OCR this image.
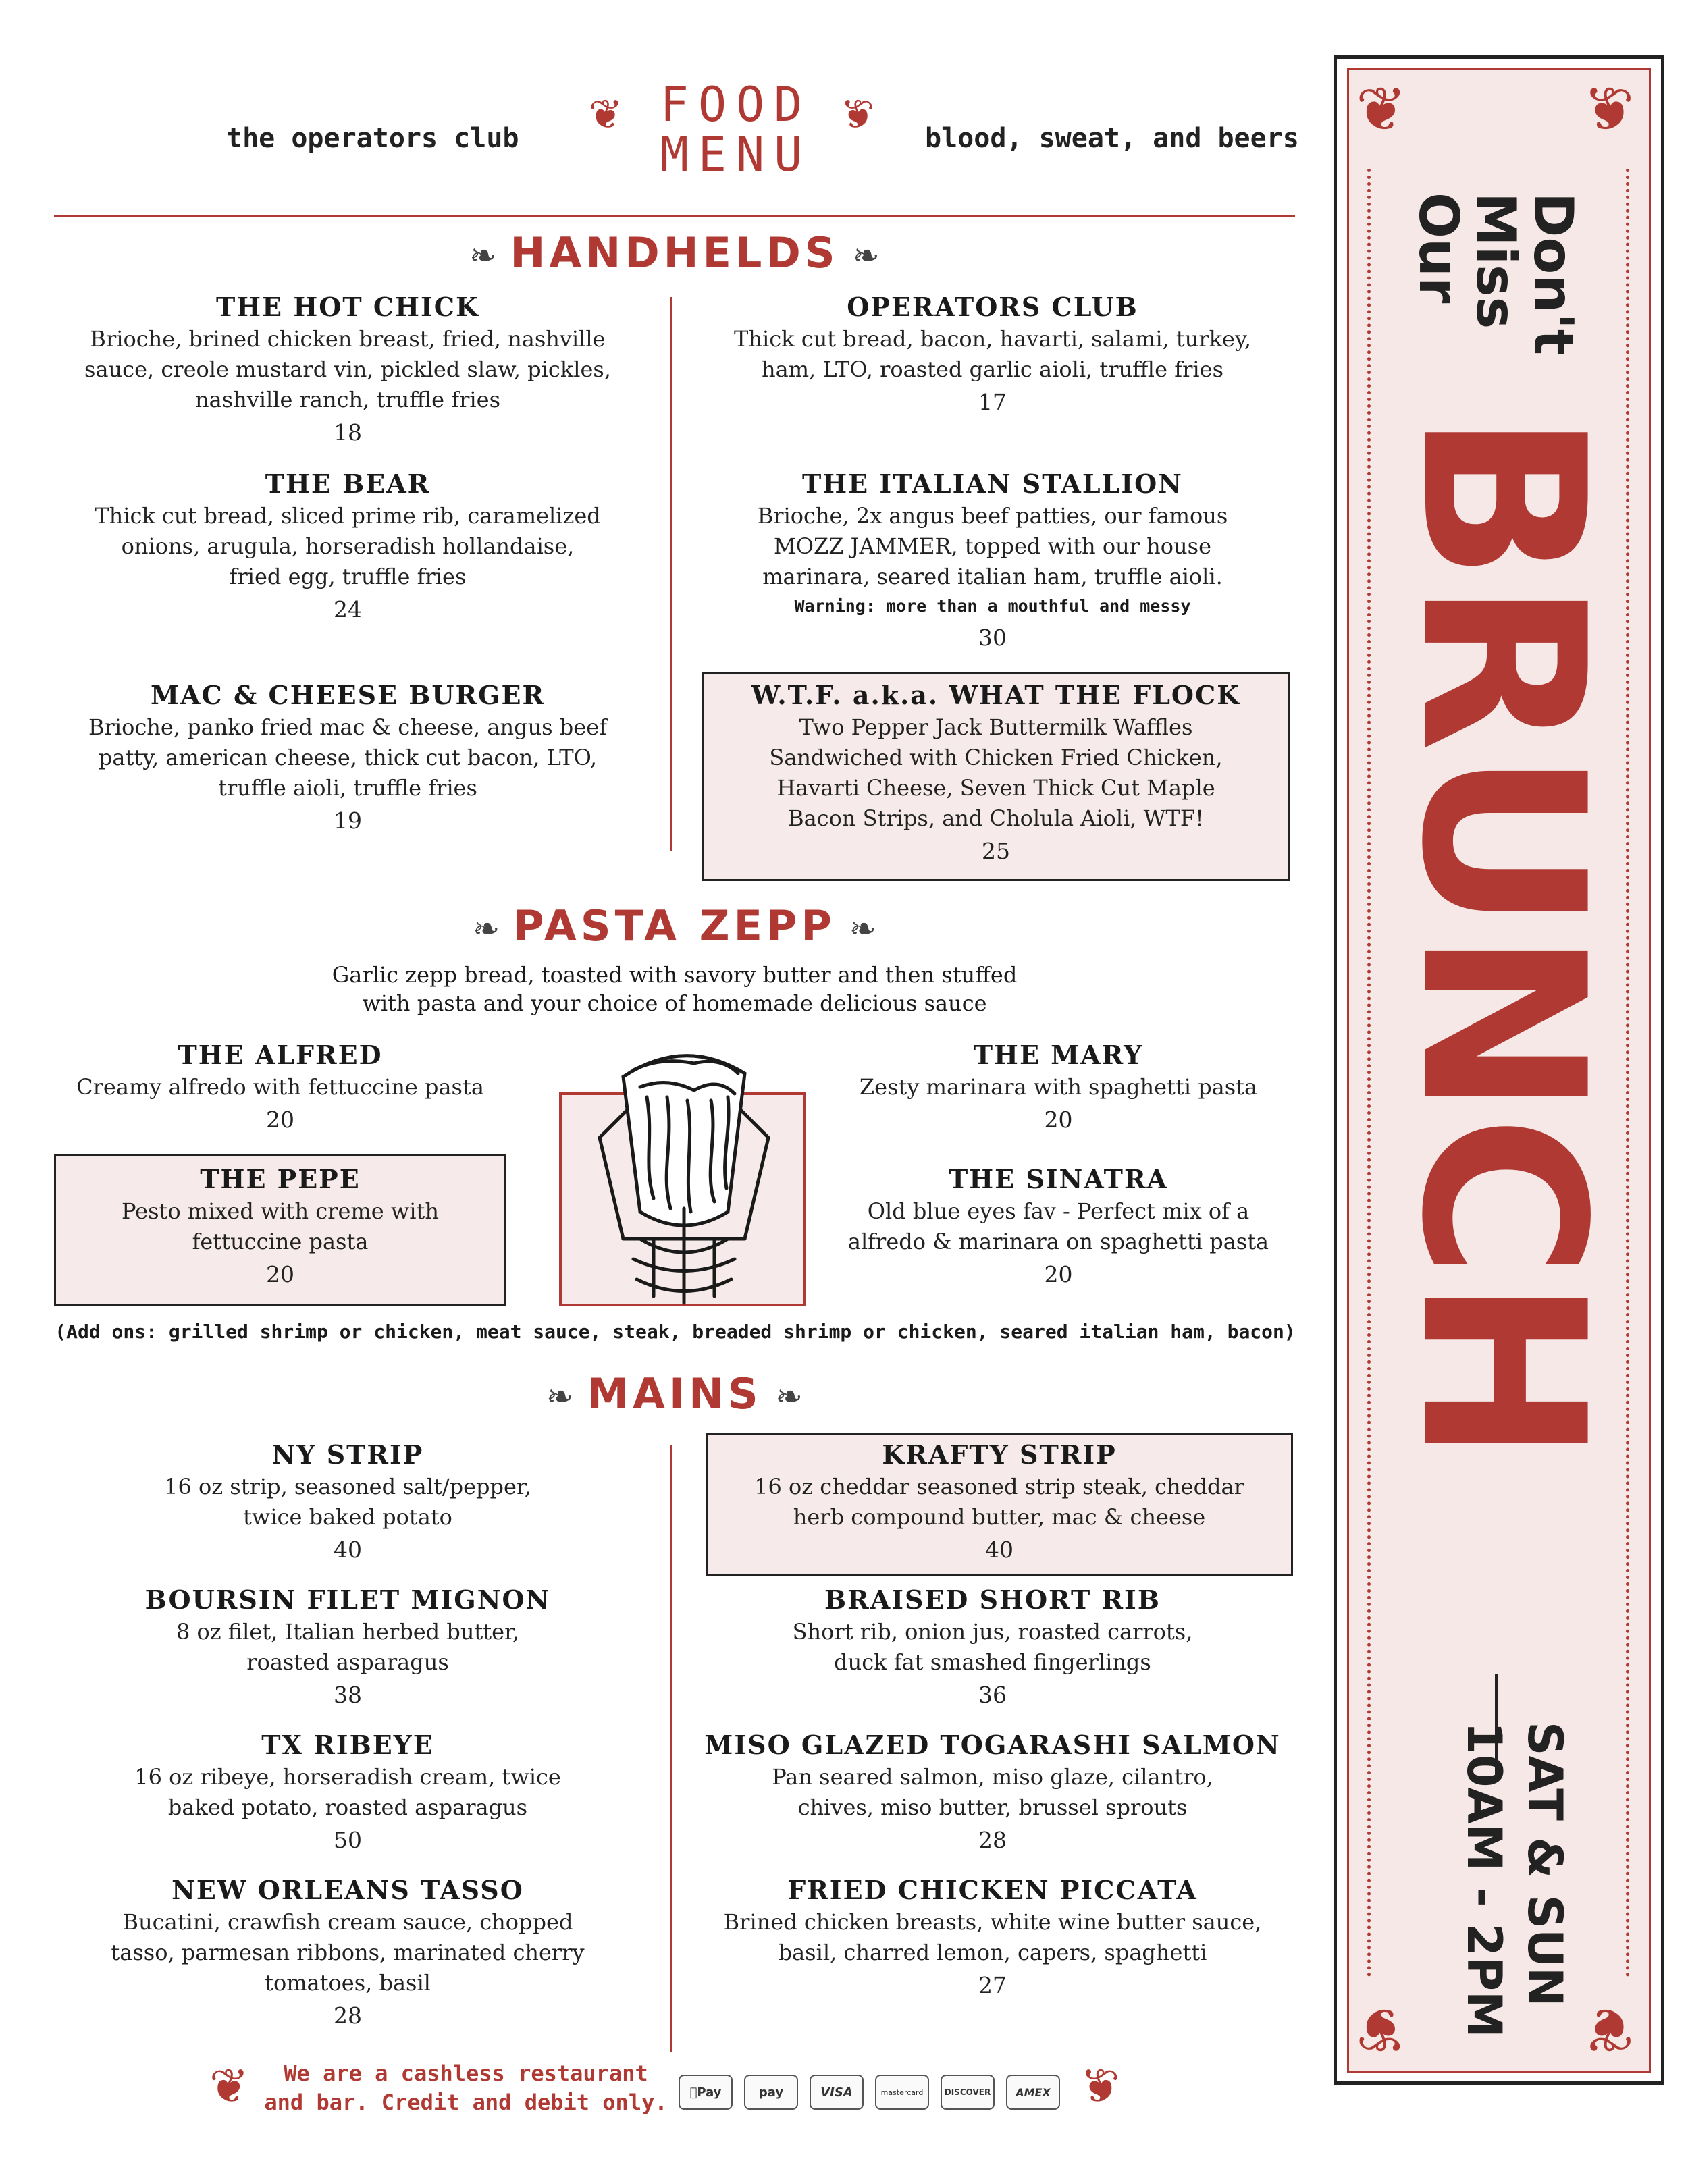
the operators club ❦ FOOD
MENU
❦ blood, sweat, and beers
❧ HANDHELDS ❧
THE HOT CHICK
Brioche, brined chicken breast, fried, nashville
sauce, creole mustard vin, pickled slaw, pickles,
nashville ranch, truffle fries
18
OPERATORS CLUB
Thick cut bread, bacon, havarti, salami, turkey,
ham, LTO, roasted garlic aioli, truffle fries
17
THE BEAR
Thick cut bread, sliced prime rib, caramelized
onions, arugula, horseradish hollandaise,
fried egg, truffle fries
24
THE ITALIAN STALLION
Brioche, 2x angus beef patties, our famous
MOZZ JAMMER, topped with our house
marinara, seared italian ham, truffle aioli.
Warning: more than a mouthful and messy
30
MAC & CHEESE BURGER
Brioche, panko fried mac & cheese, angus beef
patty, american cheese, thick cut bacon, LTO,
truffle aioli, truffle fries
19
W.T.F. a.k.a. WHAT THE FLOCK
Two Pepper Jack Buttermilk Waffles
Sandwiched with Chicken Fried Chicken,
Havarti Cheese, Seven Thick Cut Maple
Bacon Strips, and Cholula Aioli, WTF!
25
❧ PASTA ZEPP ❧
Garlic zepp bread, toasted with savory butter and then stuffed
with pasta and your choice of homemade delicious sauce
THE ALFRED
Creamy alfredo with fettuccine pasta
20
THE PEPE
Pesto mixed with creme with
fettuccine pasta
20
THE MARY
Zesty marinara with spaghetti pasta
20
THE SINATRA
Old blue eyes fav - Perfect mix of a
alfredo & marinara on spaghetti pasta
20
(Add ons: grilled shrimp or chicken, meat sauce, steak, breaded shrimp or chicken, seared italian ham, bacon)
❧ MAINS ❧
NY STRIP
16 oz strip, seasoned salt/pepper,
twice baked potato
40
KRAFTY STRIP
16 oz cheddar seasoned strip steak, cheddar
herb compound butter, mac & cheese
40
BOURSIN FILET MIGNON
8 oz filet, Italian herbed butter,
roasted asparagus
38
BRAISED SHORT RIB
Short rib, onion jus, roasted carrots,
duck fat smashed fingerlings
36
TX RIBEYE
16 oz ribeye, horseradish cream, twice
baked potato, roasted asparagus
50
MISO GLAZED TOGARASHI SALMON
Pan seared salmon, miso glaze, cilantro,
chives, miso butter, brussel sprouts
28
NEW ORLEANS TASSO
Bucatini, crawfish cream sauce, chopped
tasso, parmesan ribbons, marinated cherry
tomatoes, basil
28
FRIED CHICKEN PICCATA
Brined chicken breasts, white wine butter sauce,
basil, charred lemon, capers, spaghetti
27
❦	We are a cashless restaurant
and bar. Credit and debit only.	Pay	pay	VISA	mastercard	DISCOVER	AMEX ❦
❦	❦
❦	❦
Don't
Miss
Our
BRUNCH
SAT & SUN
10AM - 2PM
